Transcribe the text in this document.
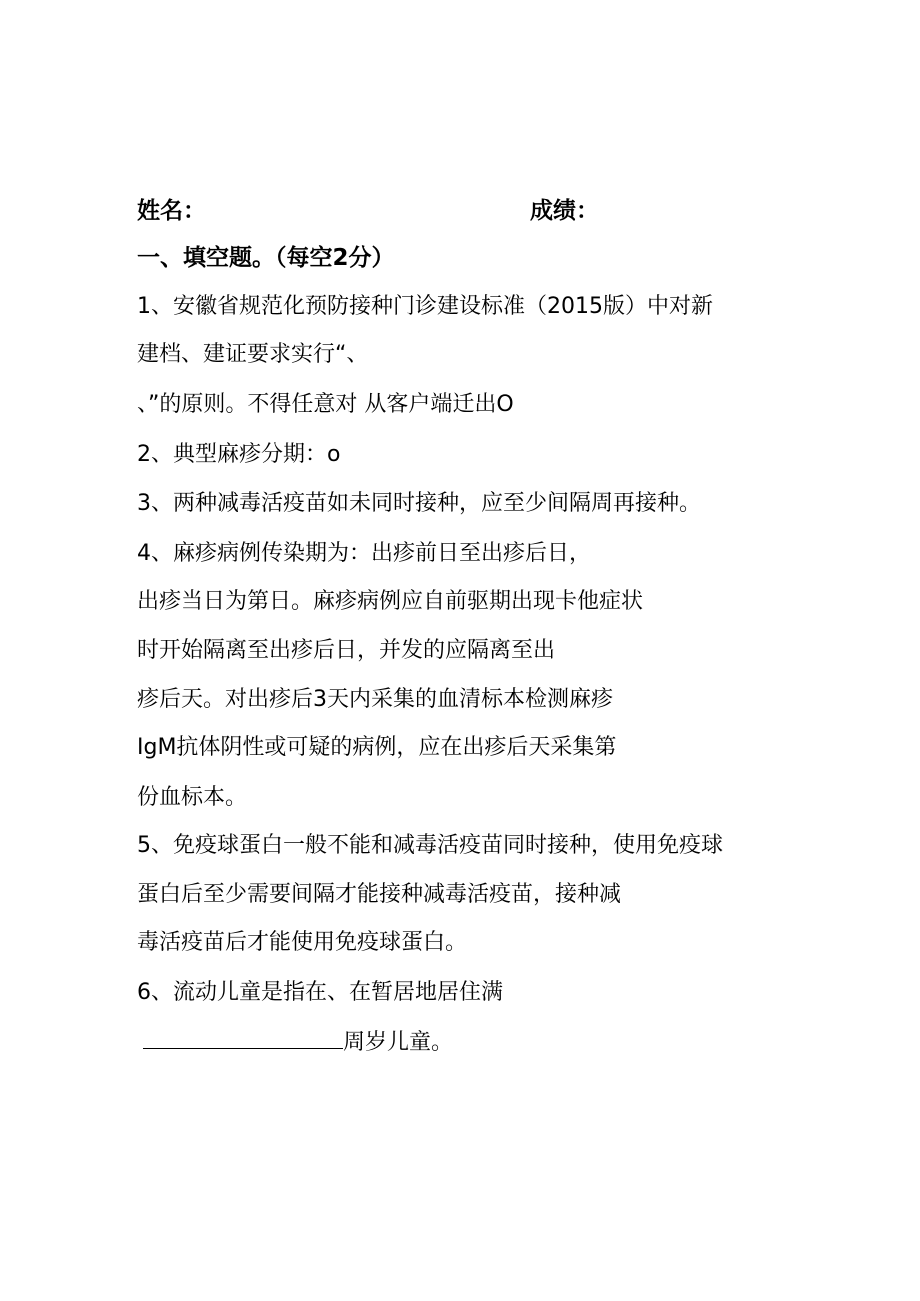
姓名：	成绩：
一、填空题。（每空2分）
1、安徽省规范化预防接种门诊建设标准（2015版）中对新
建档、建证要求实行“、
、”的原则。不得任意对 从客户端迁出O
2、典型麻疹分期：o
3、两种减毒活疫苗如未同时接种，应至少间隔周再接种。
4、麻疹病例传染期为：出疹前日至出疹后日，
出疹当日为第日。麻疹病例应自前驱期出现卡他症状
时开始隔离至出疹后日，并发的应隔离至出
疹后天。对出疹后3天内采集的血清标本检测麻疹
IgM抗体阴性或可疑的病例，应在出疹后天采集第
份血标本。
5、免疫球蛋白一般不能和减毒活疫苗同时接种，使用免疫球
蛋白后至少需要间隔才能接种减毒活疫苗，接种减
毒活疫苗后才能使用免疫球蛋白。
6、流动儿童是指在、在暂居地居住满
周岁儿童。
